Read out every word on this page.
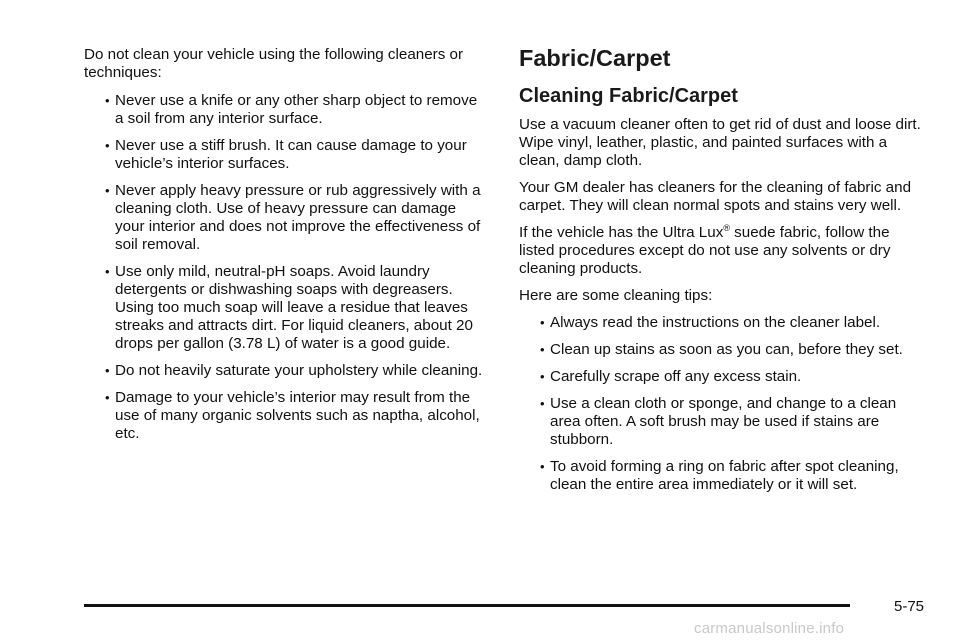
Do not clean your vehicle using the following cleaners or techniques:

• Never use a knife or any other sharp object to remove a soil from any interior surface.
• Never use a stiff brush. It can cause damage to your vehicle’s interior surfaces.
• Never apply heavy pressure or rub aggressively with a cleaning cloth. Use of heavy pressure can damage your interior and does not improve the effectiveness of soil removal.
• Use only mild, neutral-pH soaps. Avoid laundry detergents or dishwashing soaps with degreasers. Using too much soap will leave a residue that leaves streaks and attracts dirt. For liquid cleaners, about 20 drops per gallon (3.78 L) of water is a good guide.
• Do not heavily saturate your upholstery while cleaning.
• Damage to your vehicle’s interior may result from the use of many organic solvents such as naptha, alcohol, etc.
Fabric/Carpet
Cleaning Fabric/Carpet

Use a vacuum cleaner often to get rid of dust and loose dirt. Wipe vinyl, leather, plastic, and painted surfaces with a clean, damp cloth.

Your GM dealer has cleaners for the cleaning of fabric and carpet. They will clean normal spots and stains very well.

If the vehicle has the Ultra Lux® suede fabric, follow the listed procedures except do not use any solvents or dry cleaning products.

Here are some cleaning tips:

• Always read the instructions on the cleaner label.
• Clean up stains as soon as you can, before they set.
• Carefully scrape off any excess stain.
• Use a clean cloth or sponge, and change to a clean area often. A soft brush may be used if stains are stubborn.
• To avoid forming a ring on fabric after spot cleaning, clean the entire area immediately or it will set.
5-75
carmanualsonline.info
